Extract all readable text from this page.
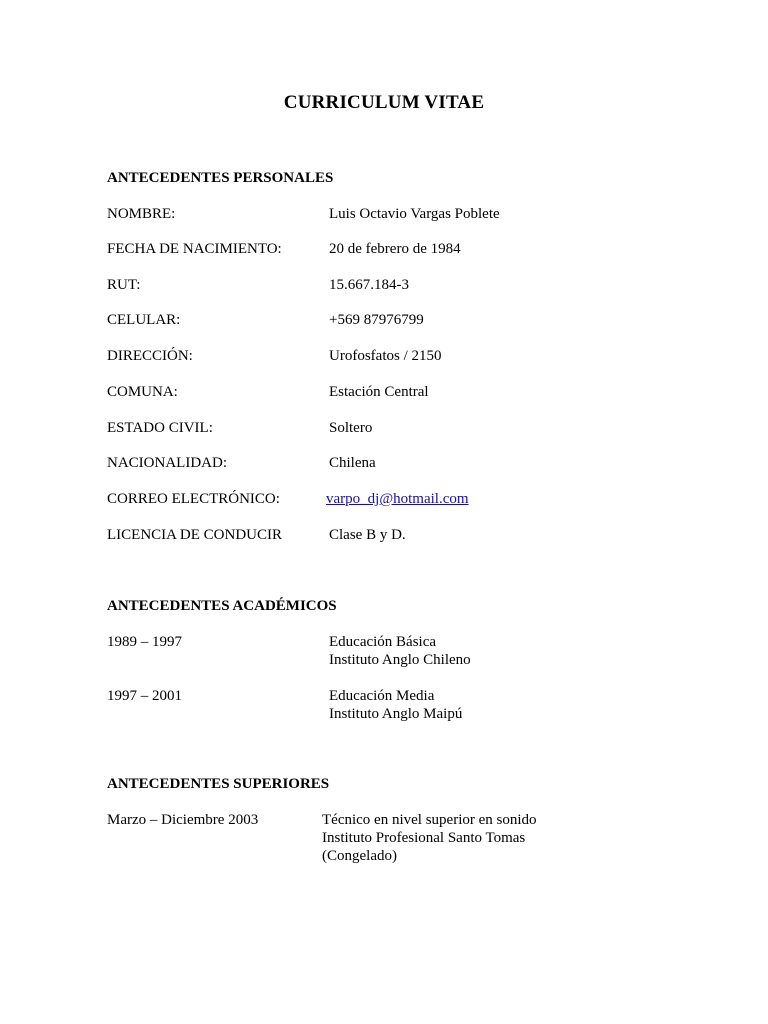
CURRICULUM VITAE
ANTECEDENTES PERSONALES
NOMBRE:	Luis Octavio Vargas Poblete
FECHA DE NACIMIENTO:	20 de febrero de 1984
RUT:	15.667.184-3
CELULAR:	+569 87976799
DIRECCIÓN:	Urofosfatos / 2150
COMUNA:	Estación Central
ESTADO CIVIL:	Soltero
NACIONALIDAD:	Chilena
CORREO ELECTRÓNICO:	varpo_dj@hotmail.com
LICENCIA DE CONDUCIR	Clase B y D.
ANTECEDENTES ACADÉMICOS
1989 – 1997	Educación Básica
Instituto Anglo Chileno
1997 – 2001	Educación Media
Instituto Anglo Maipú
ANTECEDENTES SUPERIORES
Marzo – Diciembre 2003	Técnico en nivel superior en sonido
Instituto Profesional Santo Tomas
(Congelado)
